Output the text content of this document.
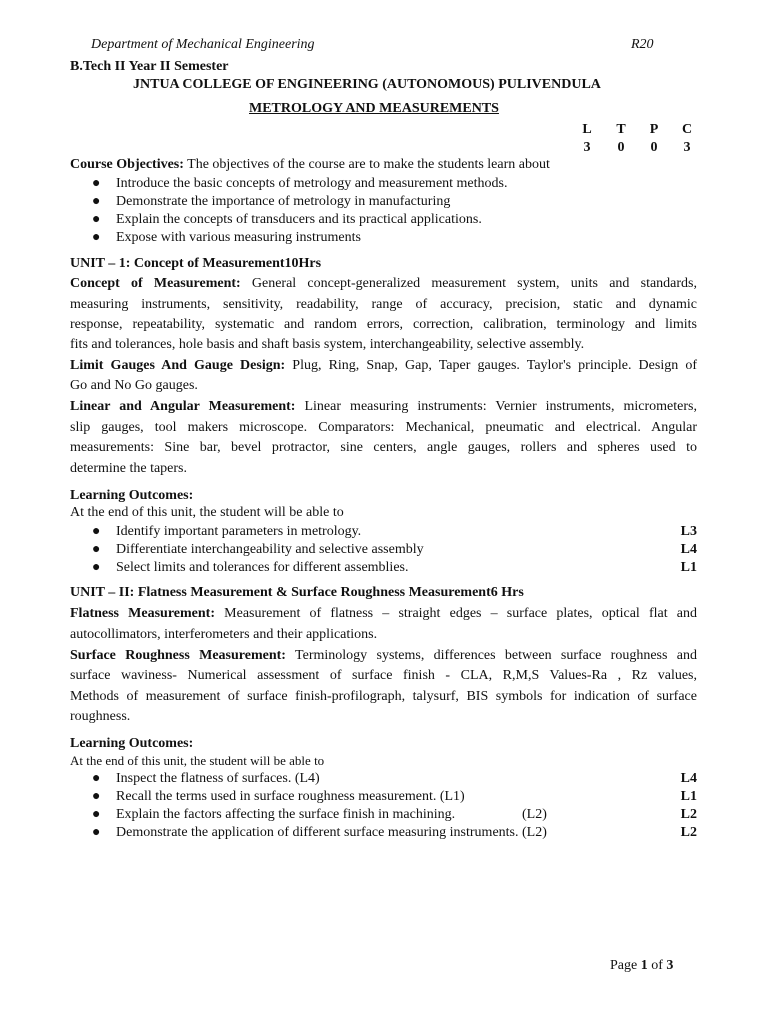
Department of Mechanical Engineering	R20
B.Tech II Year II Semester
JNTUA COLLEGE OF ENGINEERING (AUTONOMOUS) PULIVENDULA
METROLOGY AND MEASUREMENTS
L T P C
3 0 0 3
Course Objectives: The objectives of the course are to make the students learn about
● Introduce the basic concepts of metrology and measurement methods.
● Demonstrate the importance of metrology in manufacturing
● Explain the concepts of transducers and its practical applications.
● Expose with various measuring instruments
UNIT – 1: Concept of Measurement10Hrs
Concept of Measurement: General concept-generalized measurement system, units and standards,
measuring instruments, sensitivity, readability, range of accuracy, precision, static and dynamic
response, repeatability, systematic and random errors, correction, calibration, terminology and limits
fits and tolerances, hole basis and shaft basis system, interchangeability, selective assembly.
Limit Gauges And Gauge Design: Plug, Ring, Snap, Gap, Taper gauges. Taylor's principle. Design of
Go and No Go gauges.
Linear and Angular Measurement: Linear measuring instruments: Vernier instruments, micrometers,
slip gauges, tool makers microscope. Comparators: Mechanical, pneumatic and electrical. Angular
measurements: Sine bar, bevel protractor, sine centers, angle gauges, rollers and spheres used to
determine the tapers.
Learning Outcomes:
At the end of this unit, the student will be able to
● Identify important parameters in metrology.	L3
● Differentiate interchangeability and selective assembly	L4
● Select limits and tolerances for different assemblies.	L1
UNIT – II: Flatness Measurement & Surface Roughness Measurement6 Hrs
Flatness Measurement: Measurement of flatness – straight edges – surface plates, optical flat and
autocollimators, interferometers and their applications.
Surface Roughness Measurement: Terminology systems, differences between surface roughness and
surface waviness- Numerical assessment of surface finish - CLA, R,M,S Values-Ra , Rz values,
Methods of measurement of surface finish-profilograph, talysurf, BIS symbols for indication of surface
roughness.
Learning Outcomes:
At the end of this unit, the student will be able to
● Inspect the flatness of surfaces. (L4)	L4
● Recall the terms used in surface roughness measurement. (L1)	L1
● Explain the factors affecting the surface finish in machining.	(L2)	L2
● Demonstrate the application of different surface measuring instruments. (L2)	L2
Page 1 of 3
